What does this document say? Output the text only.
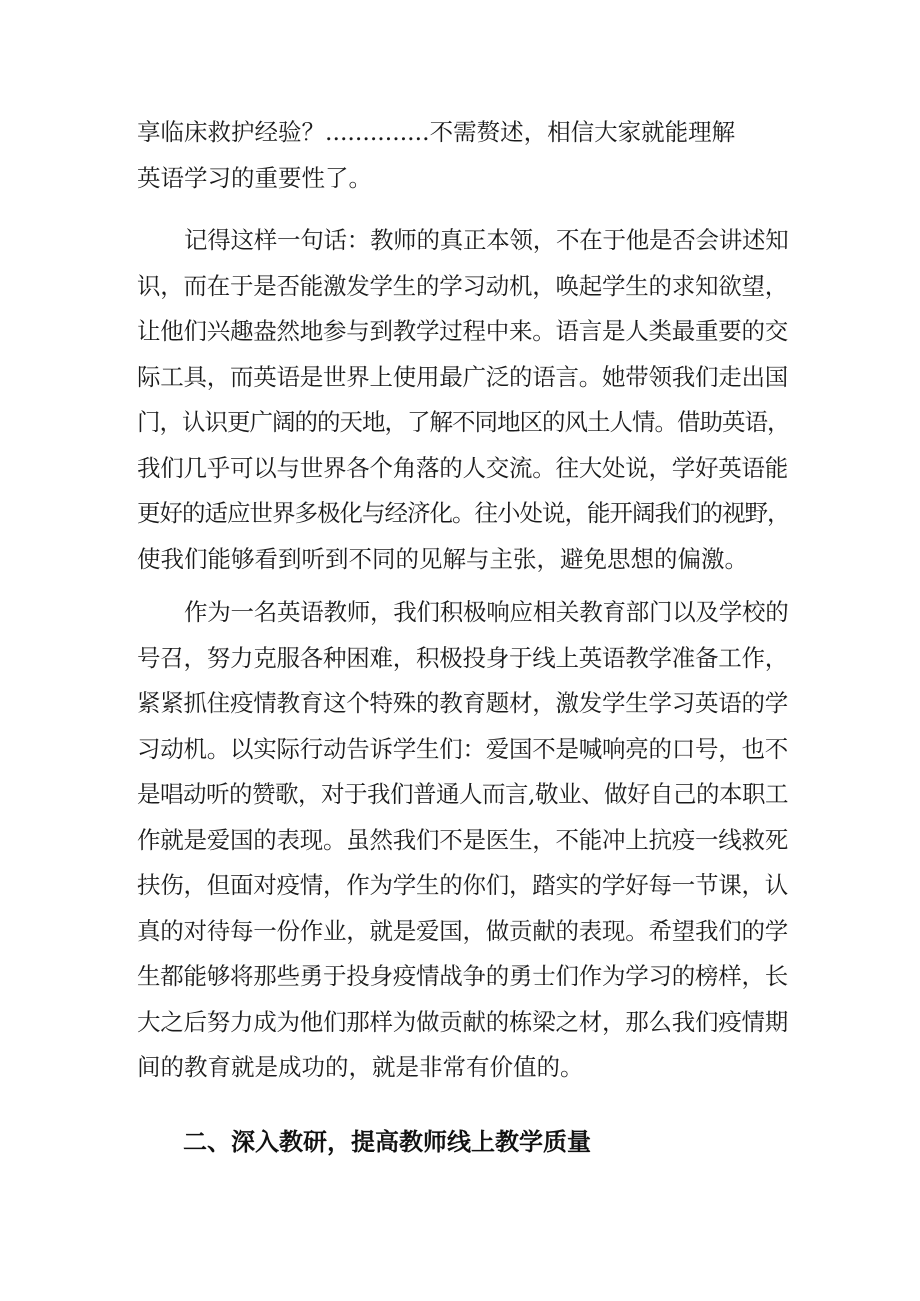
享临床救护经验？..............不需赘述，相信大家就能理解
英语学习的重要性了。
记得这样一句话：教师的真正本领，不在于他是否会讲述知
识，而在于是否能激发学生的学习动机，唤起学生的求知欲望，
让他们兴趣盎然地参与到教学过程中来。语言是人类最重要的交
际工具，而英语是世界上使用最广泛的语言。她带领我们走出国
门，认识更广阔的的天地，了解不同地区的风土人情。借助英语，
我们几乎可以与世界各个角落的人交流。往大处说，学好英语能
更好的适应世界多极化与经济化。往小处说，能开阔我们的视野，
使我们能够看到听到不同的见解与主张，避免思想的偏激。
作为一名英语教师，我们积极响应相关教育部门以及学校的
号召，努力克服各种困难，积极投身于线上英语教学准备工作，
紧紧抓住疫情教育这个特殊的教育题材，激发学生学习英语的学
习动机。以实际行动告诉学生们：爱国不是喊响亮的口号，也不
是唱动听的赞歌，对于我们普通人而言,敬业、做好自己的本职工
作就是爱国的表现。虽然我们不是医生，不能冲上抗疫一线救死
扶伤，但面对疫情，作为学生的你们，踏实的学好每一节课，认
真的对待每一份作业，就是爱国，做贡献的表现。希望我们的学
生都能够将那些勇于投身疫情战争的勇士们作为学习的榜样，长
大之后努力成为他们那样为做贡献的栋梁之材，那么我们疫情期
间的教育就是成功的，就是非常有价值的。
二、深入教研，提高教师线上教学质量
